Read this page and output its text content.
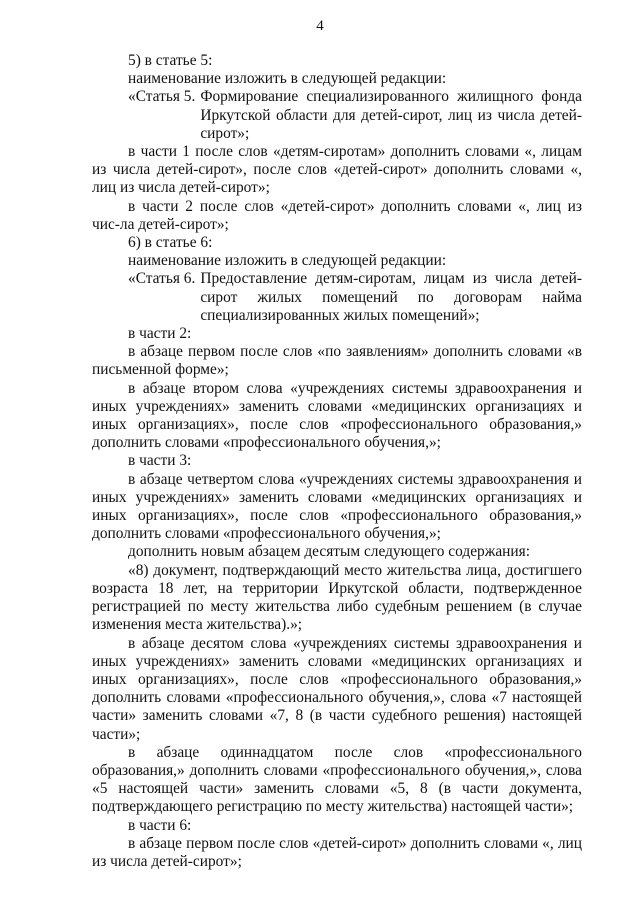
4

5) в статье 5:

наименование изложить в следующей редакции:

«Статья 5. Формирование специализированного жилищного фонда Иркутской области для детей-сирот, лиц из числа детей-сирот»;

в части 1 после слов «детям-сиротам» дополнить словами «, лицам из числа детей-сирот», после слов «детей-сирот» дополнить словами «, лиц из числа детей-сирот»;

в части 2 после слов «детей-сирот» дополнить словами «, лиц из чис-ла детей-сирот»;

6) в статье 6:

наименование изложить в следующей редакции:

«Статья 6. Предоставление детям-сиротам, лицам из числа детей-сирот жилых помещений по договорам найма специализированных жилых помещений»;

в части 2:

в абзаце первом после слов «по заявлениям» дополнить словами «в письменной форме»;

в абзаце втором слова «учреждениях системы здравоохранения и иных учреждениях» заменить словами «медицинских организациях и иных организациях», после слов «профессионального образования,» дополнить словами «профессионального обучения,»;

в части 3:

в абзаце четвертом слова «учреждениях системы здравоохранения и иных учреждениях» заменить словами «медицинских организациях и иных организациях», после слов «профессионального образования,» дополнить словами «профессионального обучения,»;

дополнить новым абзацем десятым следующего содержания:

«8) документ, подтверждающий место жительства лица, достигшего возраста 18 лет, на территории Иркутской области, подтвержденное регистрацией по месту жительства либо судебным решением (в случае изменения места жительства).»;

в абзаце десятом слова «учреждениях системы здравоохранения и иных учреждениях» заменить словами «медицинских организациях и иных организациях», после слов «профессионального образования,» дополнить словами «профессионального обучения,», слова «7 настоящей части» заменить словами «7, 8 (в части судебного решения) настоящей части»;

в абзаце одиннадцатом после слов «профессионального образования,» дополнить словами «профессионального обучения,», слова «5 настоящей части» заменить словами «5, 8 (в части документа, подтверждающего регистрацию по месту жительства) настоящей части»;

в части 6:

в абзаце первом после слов «детей-сирот» дополнить словами «, лиц из числа детей-сирот»;
